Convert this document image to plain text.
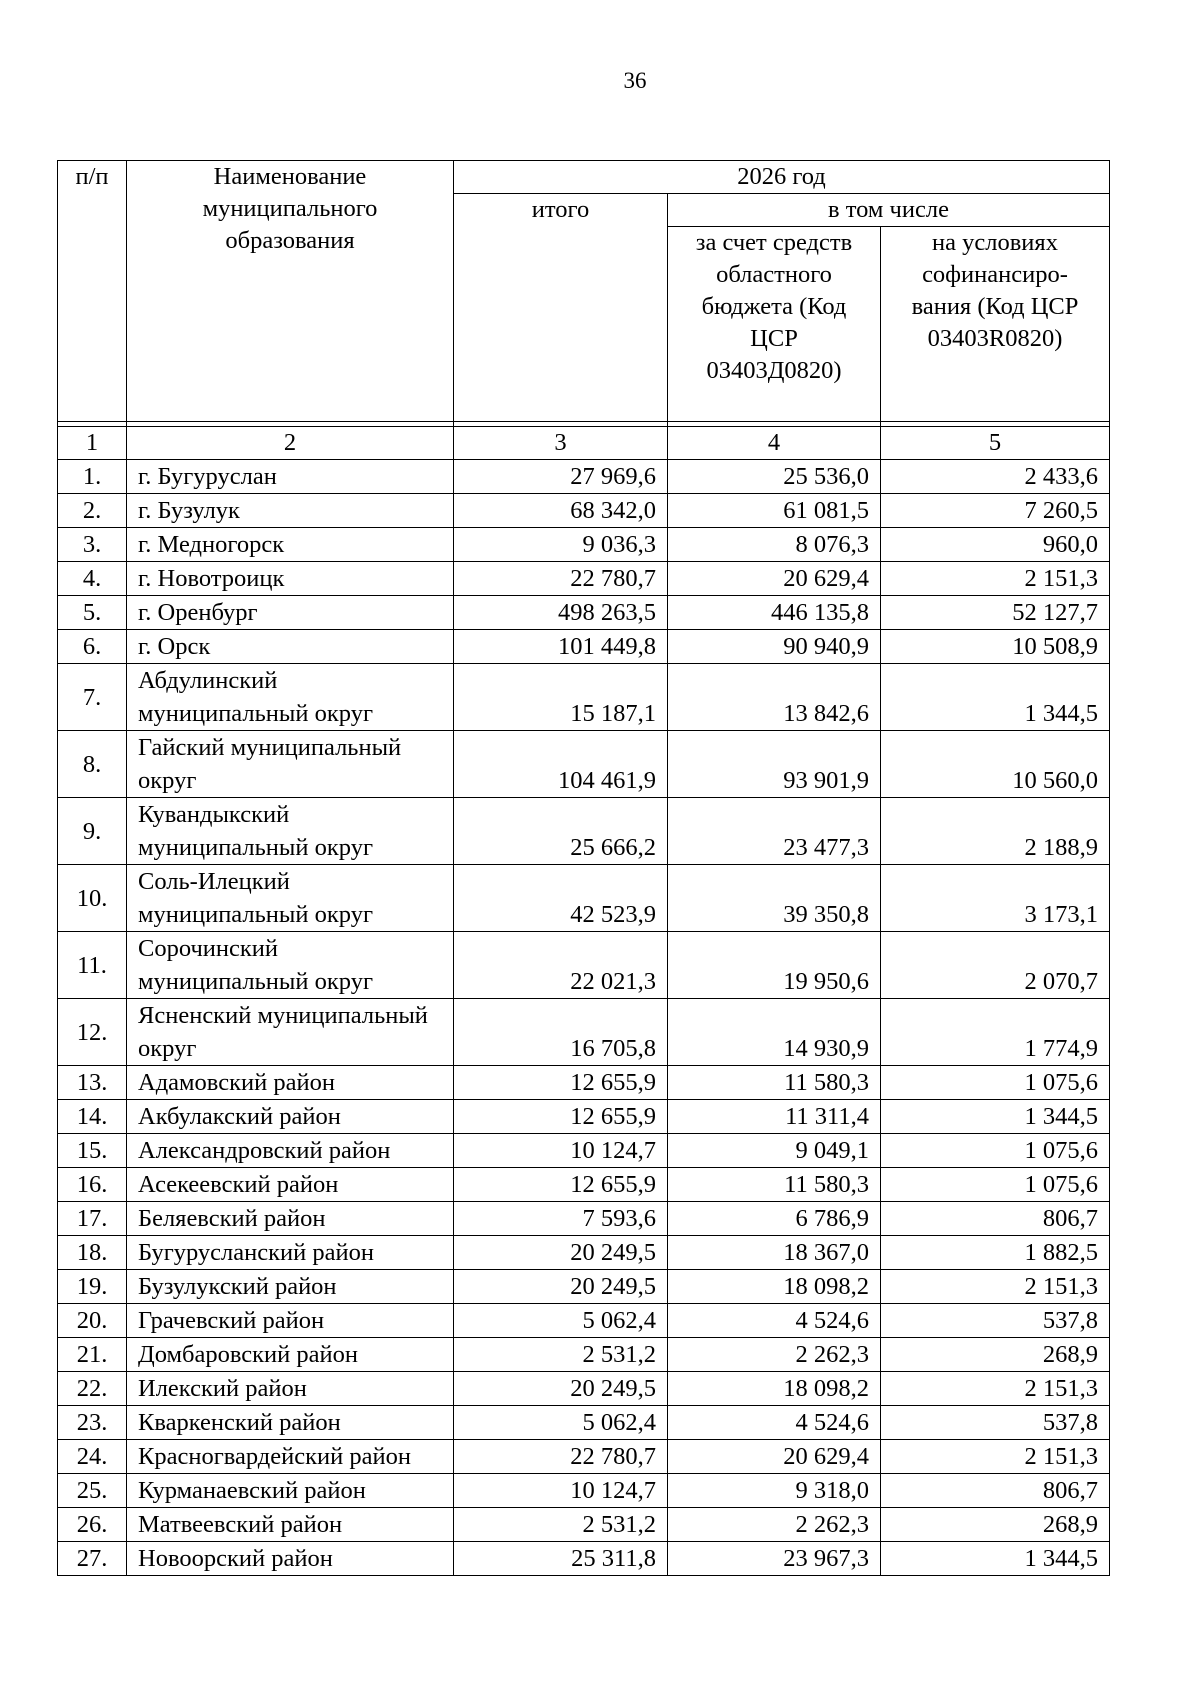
36
п/п	Наименование муниципального образования	2026 год		
		итого	в том числе	
			за счет средств областного бюджета (Код ЦСР 03403Д0820)	на условиях софинансиро-вания (Код ЦСР 03403R0820)

1	2	3	4	5
1.	г. Бугуруслан	27 969,6	25 536,0	2 433,6
2.	г. Бузулук	68 342,0	61 081,5	7 260,5
3.	г. Медногорск	9 036,3	8 076,3	960,0
4.	г. Новотроицк	22 780,7	20 629,4	2 151,3
5.	г. Оренбург	498 263,5	446 135,8	52 127,7
6.	г. Орск	101 449,8	90 940,9	10 508,9
7.	Абдулинский муниципальный округ	15 187,1	13 842,6	1 344,5
8.	Гайский муниципальный округ	104 461,9	93 901,9	10 560,0
9.	Кувандыкский муниципальный округ	25 666,2	23 477,3	2 188,9
10.	Соль-Илецкий муниципальный округ	42 523,9	39 350,8	3 173,1
11.	Сорочинский муниципальный округ	22 021,3	19 950,6	2 070,7
12.	Ясненский муниципальный округ	16 705,8	14 930,9	1 774,9
13.	Адамовский район	12 655,9	11 580,3	1 075,6
14.	Акбулакский район	12 655,9	11 311,4	1 344,5
15.	Александровский район	10 124,7	9 049,1	1 075,6
16.	Асекеевский район	12 655,9	11 580,3	1 075,6
17.	Беляевский район	7 593,6	6 786,9	806,7
18.	Бугурусланский район	20 249,5	18 367,0	1 882,5
19.	Бузулукский район	20 249,5	18 098,2	2 151,3
20.	Грачевский район	5 062,4	4 524,6	537,8
21.	Домбаровский район	2 531,2	2 262,3	268,9
22.	Илекский район	20 249,5	18 098,2	2 151,3
23.	Кваркенский район	5 062,4	4 524,6	537,8
24.	Красногвардейский район	22 780,7	20 629,4	2 151,3
25.	Курманаевский район	10 124,7	9 318,0	806,7
26.	Матвеевский район	2 531,2	2 262,3	268,9
27.	Новоорский район	25 311,8	23 967,3	1 344,5
